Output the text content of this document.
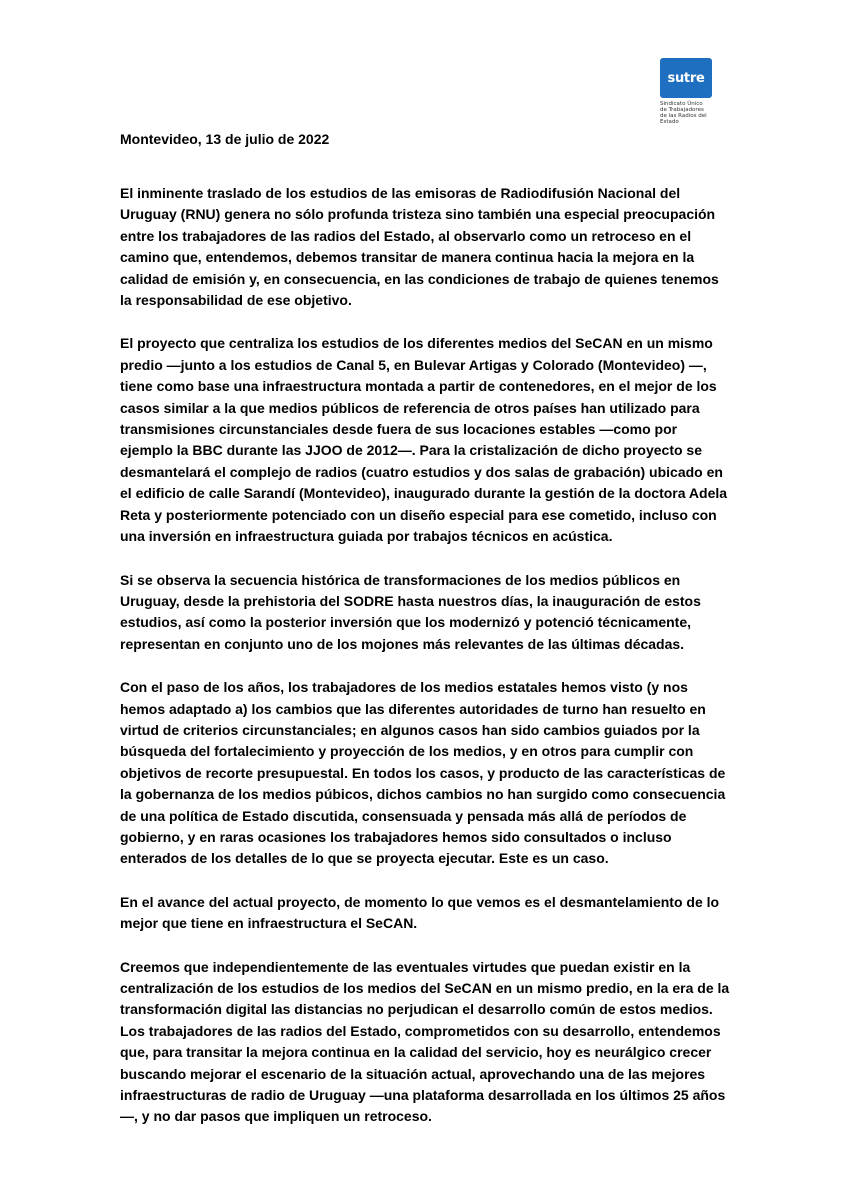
sutre
Sindicato Único
de Trabajadores
de las Radios del Estado

Montevideo, 13 de julio de 2022

El inminente traslado de los estudios de las emisoras de Radiodifusión Nacional del Uruguay (RNU) genera no sólo profunda tristeza sino también una especial preocupación entre los trabajadores de las radios del Estado, al observarlo como un retroceso en el camino que, entendemos, debemos transitar de manera continua hacia la mejora en la calidad de emisión y, en consecuencia, en las condiciones de trabajo de quienes tenemos la responsabilidad de ese objetivo.

El proyecto que centraliza los estudios de los diferentes medios del SeCAN en un mismo predio —junto a los estudios de Canal 5, en Bulevar Artigas y Colorado (Montevideo) —, tiene como base una infraestructura montada a partir de contenedores, en el mejor de los casos similar a la que medios públicos de referencia de otros países han utilizado para transmisiones circunstanciales desde fuera de sus locaciones estables —como por ejemplo la BBC durante las JJOO de 2012—. Para la cristalización de dicho proyecto se desmantelará el complejo de radios (cuatro estudios y dos salas de grabación) ubicado en el edificio de calle Sarandí (Montevideo), inaugurado durante la gestión de la doctora Adela Reta y posteriormente potenciado con un diseño especial para ese cometido, incluso con una inversión en infraestructura guiada por trabajos técnicos en acústica.

Si se observa la secuencia histórica de transformaciones de los medios públicos en Uruguay, desde la prehistoria del SODRE hasta nuestros días, la inauguración de estos estudios, así como la posterior inversión que los modernizó y potenció técnicamente, representan en conjunto uno de los mojones más relevantes de las últimas décadas.

Con el paso de los años, los trabajadores de los medios estatales hemos visto (y nos hemos adaptado a) los cambios que las diferentes autoridades de turno han resuelto en virtud de criterios circunstanciales; en algunos casos han sido cambios guiados por la búsqueda del fortalecimiento y proyección de los medios, y en otros para cumplir con objetivos de recorte presupuestal. En todos los casos, y producto de las características de la gobernanza de los medios púbicos, dichos cambios no han surgido como consecuencia de una política de Estado discutida, consensuada y pensada más allá de períodos de gobierno, y en raras ocasiones los trabajadores hemos sido consultados o incluso enterados de los detalles de lo que se proyecta ejecutar. Este es un caso.

En el avance del actual proyecto, de momento lo que vemos es el desmantelamiento de lo mejor que tiene en infraestructura el SeCAN.

Creemos que independientemente de las eventuales virtudes que puedan existir en la centralización de los estudios de los medios del SeCAN en un mismo predio, en la era de la transformación digital las distancias no perjudican el desarrollo común de estos medios.

Los trabajadores de las radios del Estado, comprometidos con su desarrollo, entendemos que, para transitar la mejora continua en la calidad del servicio, hoy es neurálgico crecer buscando mejorar el escenario de la situación actual, aprovechando una de las mejores infraestructuras de radio de Uruguay —una plataforma desarrollada en los últimos 25 años—, y no dar pasos que impliquen un retroceso.
